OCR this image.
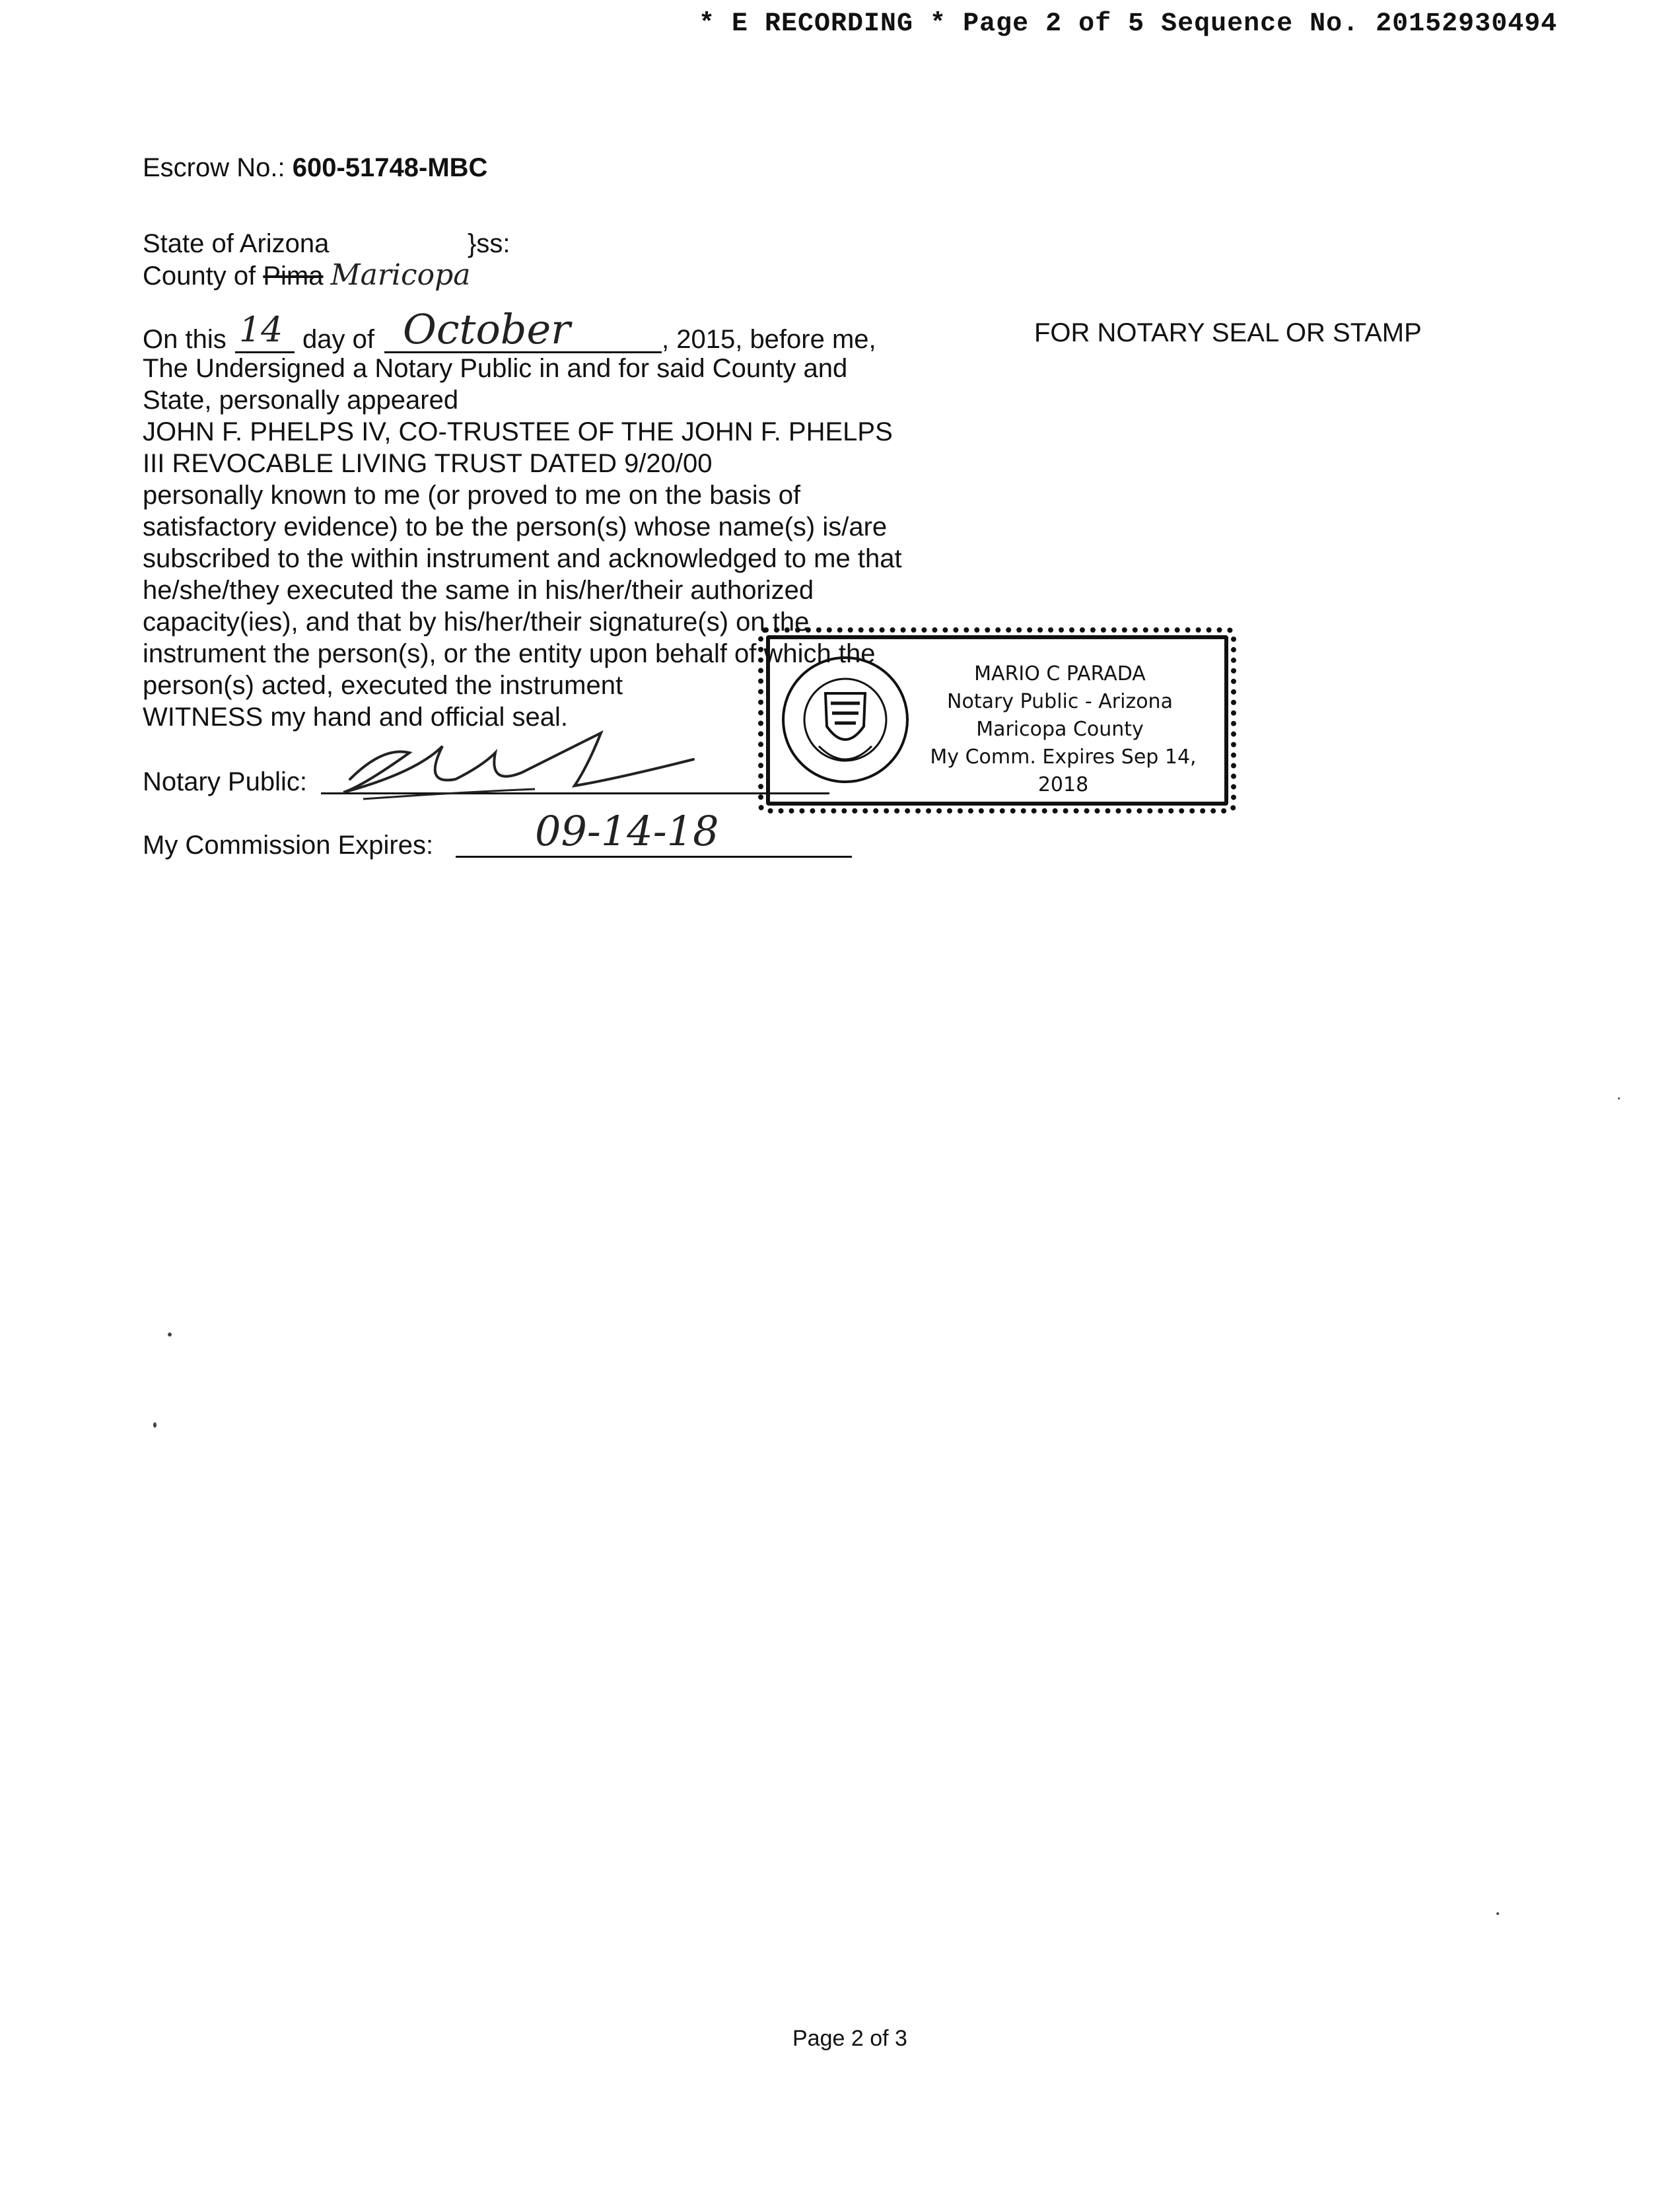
* E RECORDING * Page 2 of 5 Sequence No. 20152930494
Escrow No.: 600-51748-MBC
State of Arizona	}ss:
County of Pima Maricopa
On this 14 day of October	, 2015, before me,	FOR NOTARY SEAL OR STAMP
The Undersigned a Notary Public in and for said County and
State, personally appeared
JOHN F. PHELPS IV, CO-TRUSTEE OF THE JOHN F. PHELPS
III REVOCABLE LIVING TRUST DATED 9/20/00
personally known to me (or proved to me on the basis of
satisfactory evidence) to be the person(s) whose name(s) is/are
subscribed to the within instrument and acknowledged to me that
he/she/they executed the same in his/her/their authorized
capacity(ies), and that by his/her/their signature(s) on the
instrument the person(s), or the entity upon behalf of which the
person(s) acted, executed the instrument
WITNESS my hand and official seal.
MARIO C PARADA
Notary Public - Arizona
Maricopa County
My Comm. Expires Sep 14, 2018
Notary Public:
My Commission Expires: 09-14-18
Page 2 of 3
